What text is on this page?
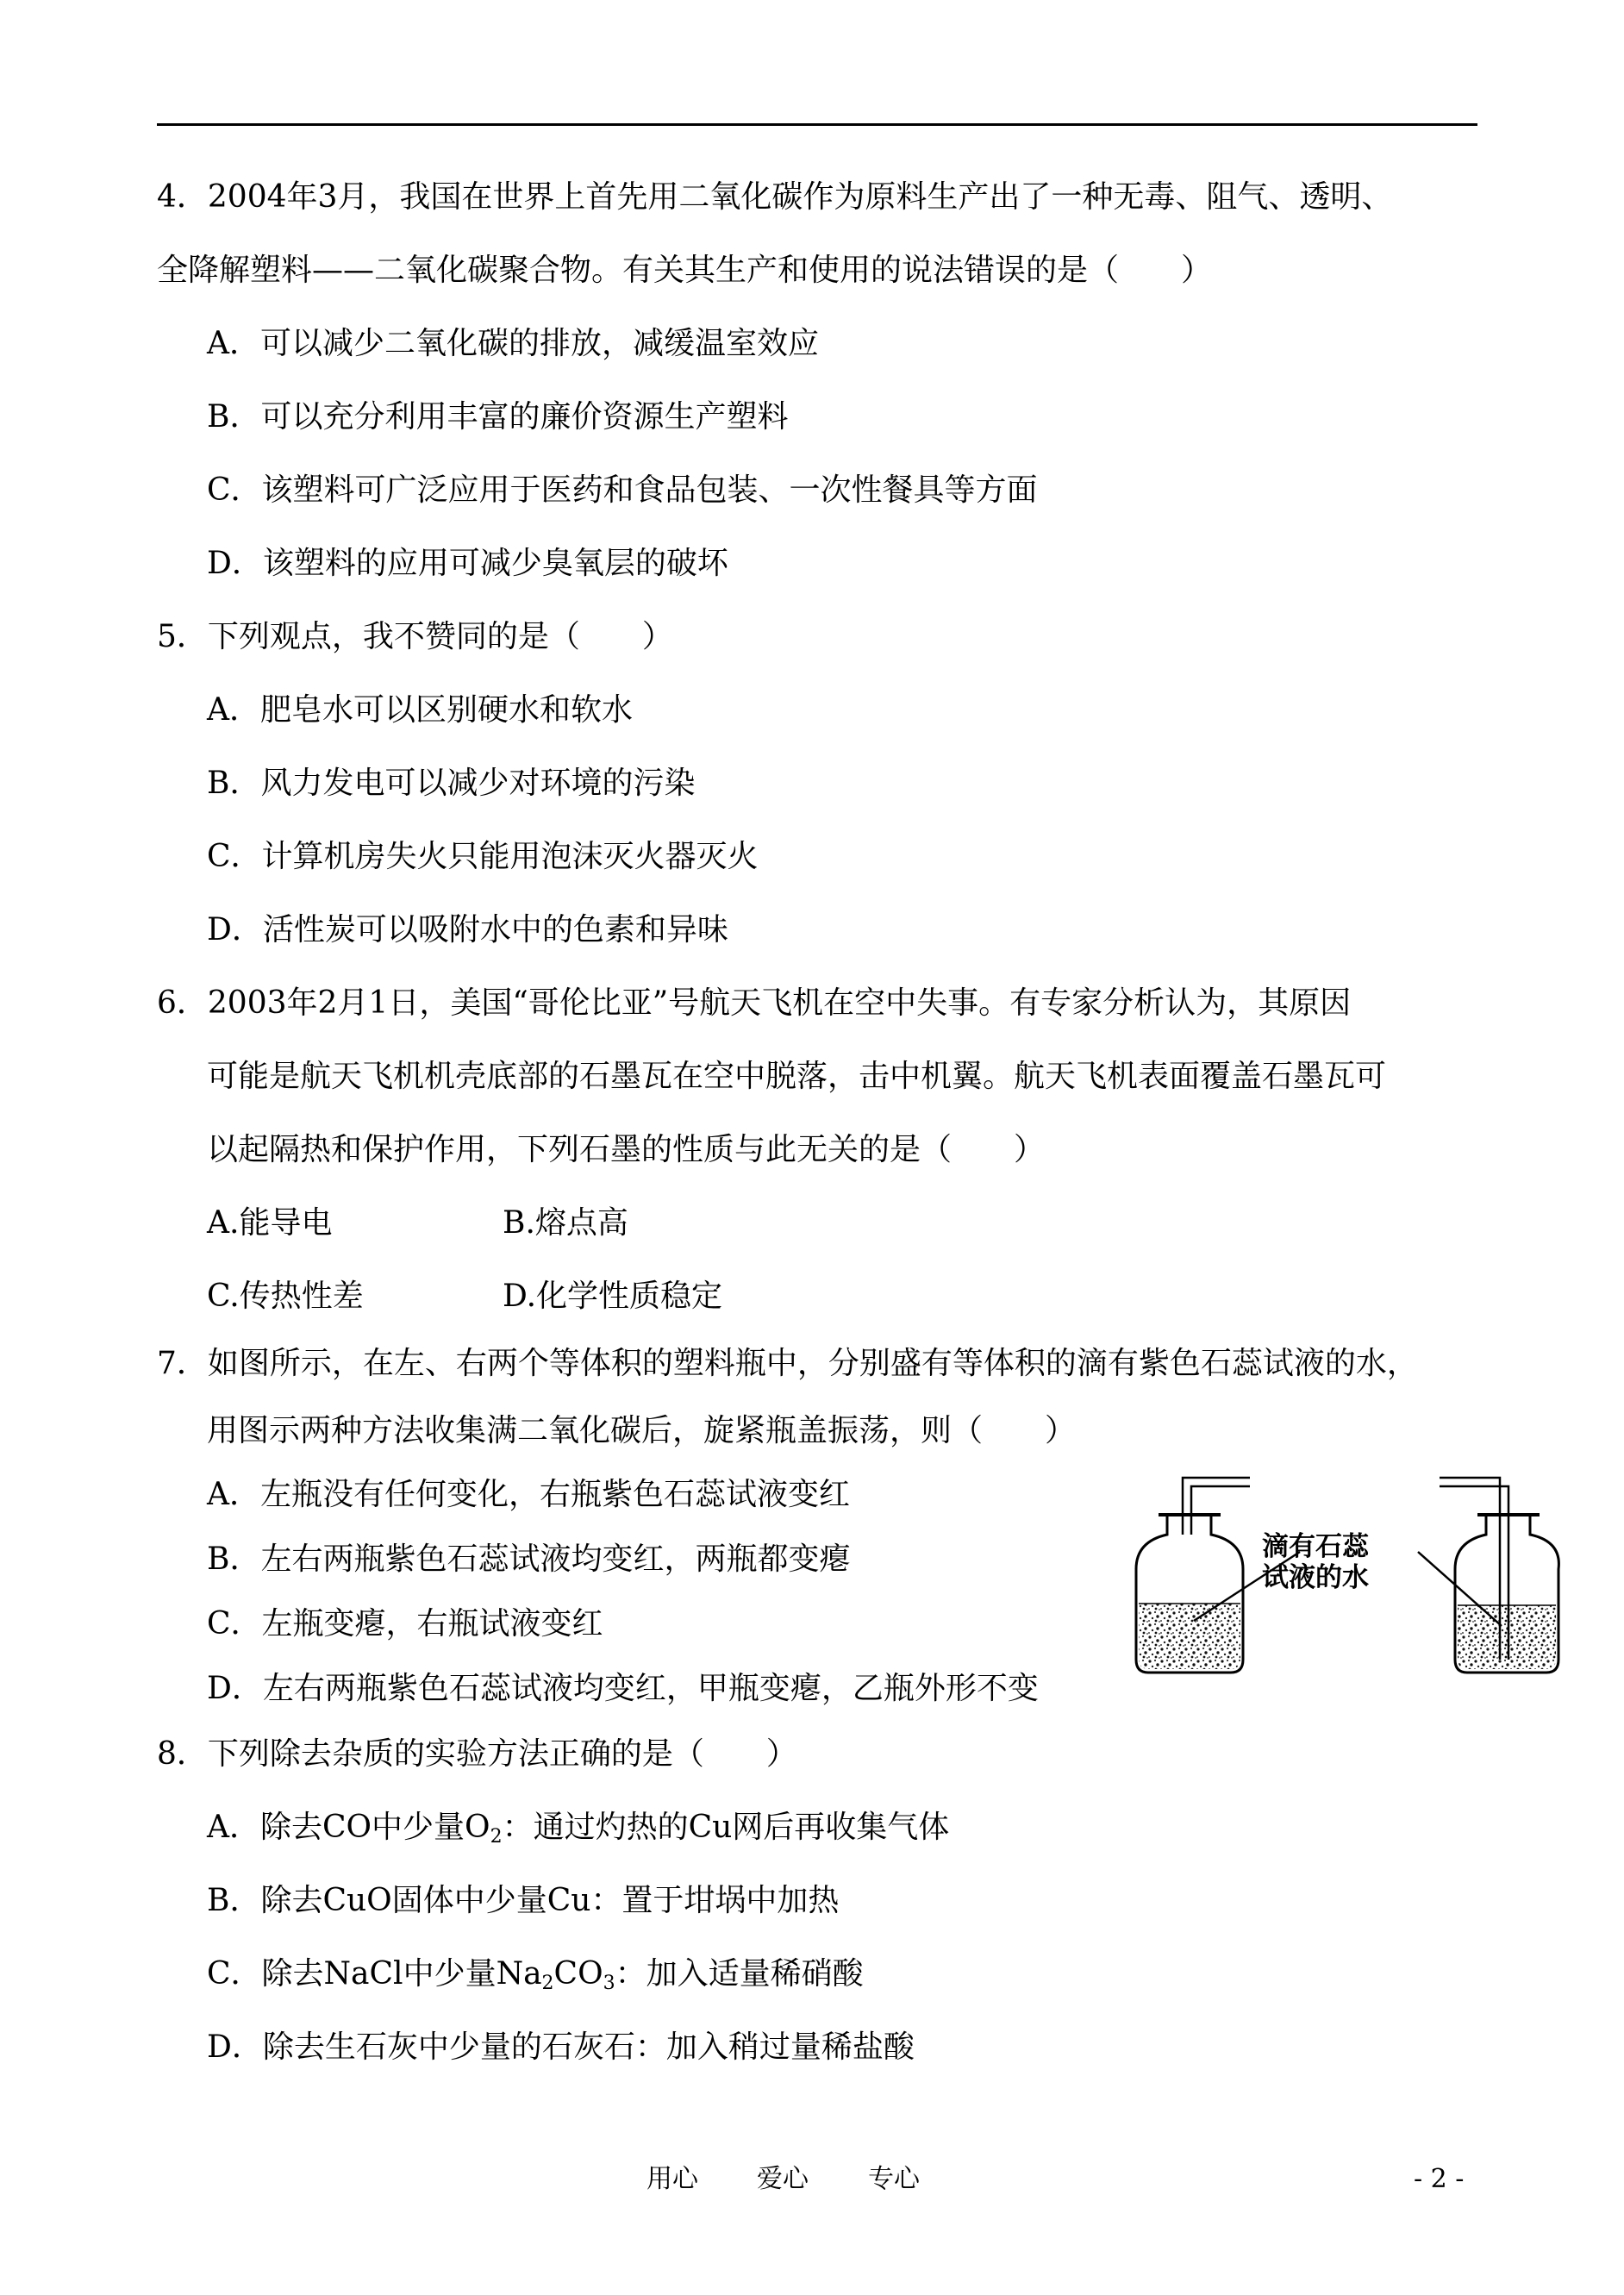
4．2004年3月，我国在世界上首先用二氧化碳作为原料生产出了一种无毒、阻气、透明、
全降解塑料——二氧化碳聚合物。有关其生产和使用的说法错误的是（　　）
A．可以减少二氧化碳的排放，减缓温室效应
B．可以充分利用丰富的廉价资源生产塑料
C．该塑料可广泛应用于医药和食品包装、一次性餐具等方面
D．该塑料的应用可减少臭氧层的破坏
5．下列观点，我不赞同的是（　　）
A．肥皂水可以区别硬水和软水
B．风力发电可以减少对环境的污染
C．计算机房失火只能用泡沫灭火器灭火
D．活性炭可以吸附水中的色素和异味
6．2003年2月1日，美国“哥伦比亚”号航天飞机在空中失事。有专家分析认为，其原因
可能是航天飞机机壳底部的石墨瓦在空中脱落，击中机翼。航天飞机表面覆盖石墨瓦可
以起隔热和保护作用，下列石墨的性质与此无关的是（　　）
A.能导电	B.熔点高
C.传热性差	D.化学性质稳定
7．如图所示，在左、右两个等体积的塑料瓶中，分别盛有等体积的滴有紫色石蕊试液的水，
用图示两种方法收集满二氧化碳后，旋紧瓶盖振荡，则（　　）
A．左瓶没有任何变化，右瓶紫色石蕊试液变红
B．左右两瓶紫色石蕊试液均变红，两瓶都变瘪
C．左瓶变瘪，右瓶试液变红
D．左右两瓶紫色石蕊试液均变红，甲瓶变瘪，乙瓶外形不变
滴有石蕊
试液的水
8．下列除去杂质的实验方法正确的是（　　）
A．除去CO中少量$O_2$：通过灼热的Cu网后再收集气体
B．除去CuO固体中少量Cu：置于坩埚中加热
C．除去NaCl中少量$Na_2CO_3$：加入适量稀硝酸
D．除去生石灰中少量的石灰石：加入稍过量稀盐酸
用心 爱心 专心	- 2 -
